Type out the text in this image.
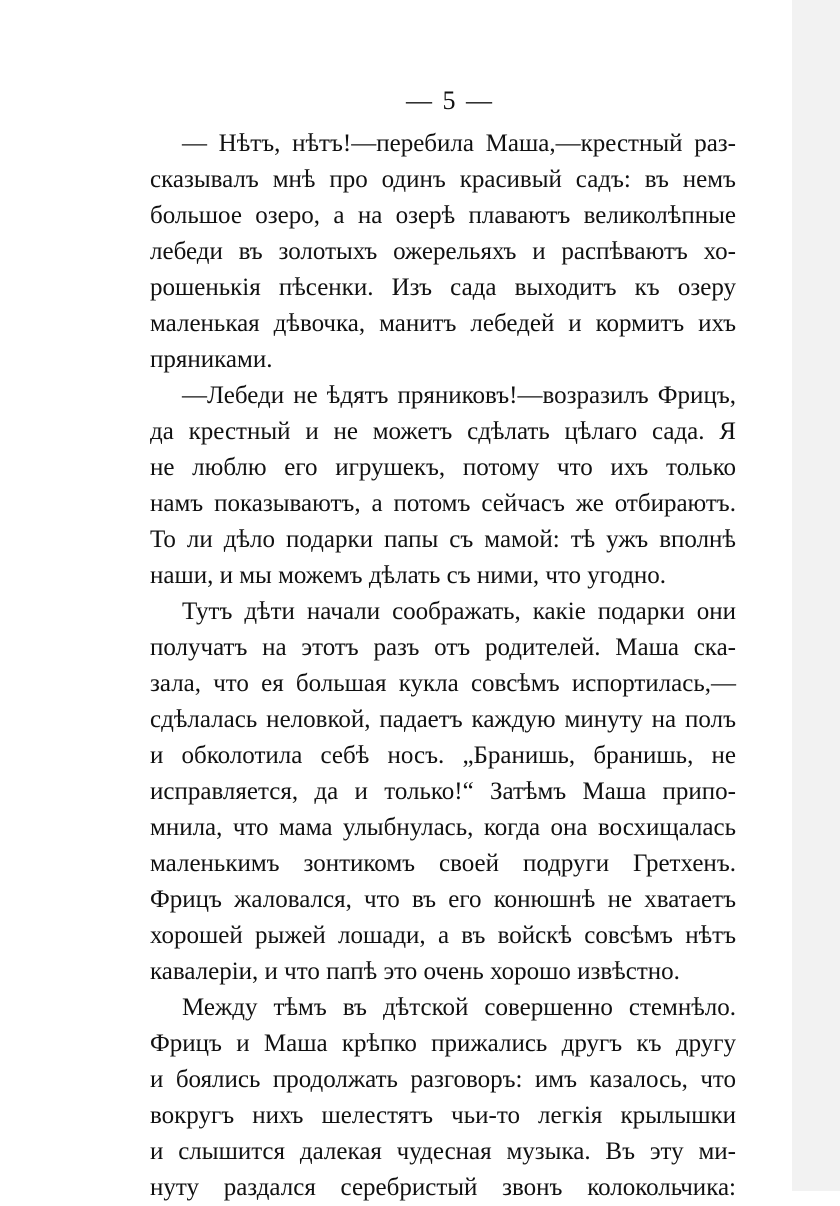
— 5 —
— Нѣтъ, нѣтъ!—перебила Маша,—крестный раз-
сказывалъ мнѣ про одинъ красивый садъ: въ немъ
большое озеро, а на озерѣ плаваютъ великолѣпные
лебеди въ золотыхъ ожерельяхъ и распѣваютъ хо-
рошенькія пѣсенки. Изъ сада выходитъ къ озеру
маленькая дѣвочка, манитъ лебедей и кормитъ ихъ
пряниками.
—Лебеди не ѣдятъ пряниковъ!—возразилъ Фрицъ,
да крестный и не можетъ сдѣлать цѣлаго сада. Я
не люблю его игрушекъ, потому что ихъ только
намъ показываютъ, а потомъ сейчасъ же отбираютъ.
То ли дѣло подарки папы съ мамой: тѣ ужъ вполнѣ
наши, и мы можемъ дѣлать съ ними, что угодно.
Тутъ дѣти начали соображать, какіе подарки они
получатъ на этотъ разъ отъ родителей. Маша ска-
зала, что ея большая кукла совсѣмъ испортилась,—
сдѣлалась неловкой, падаетъ каждую минуту на полъ
и обколотила себѣ носъ. „Бранишь, бранишь, не
исправляется, да и только!“ Затѣмъ Маша припо-
мнила, что мама улыбнулась, когда она восхищалась
маленькимъ зонтикомъ своей подруги Гретхенъ.
Фрицъ жаловался, что въ его конюшнѣ не хватаетъ
хорошей рыжей лошади, а въ войскѣ совсѣмъ нѣтъ
кавалеріи, и что папѣ это очень хорошо извѣстно.
Между тѣмъ въ дѣтской совершенно стемнѣло.
Фрицъ и Маша крѣпко прижались другъ къ другу
и боялись продолжать разговоръ: имъ казалось, что
вокругъ нихъ шелестятъ чьи-то легкія крылышки
и слышится далекая чудесная музыка. Въ эту ми-
нуту раздался серебристый звонъ колокольчика:
